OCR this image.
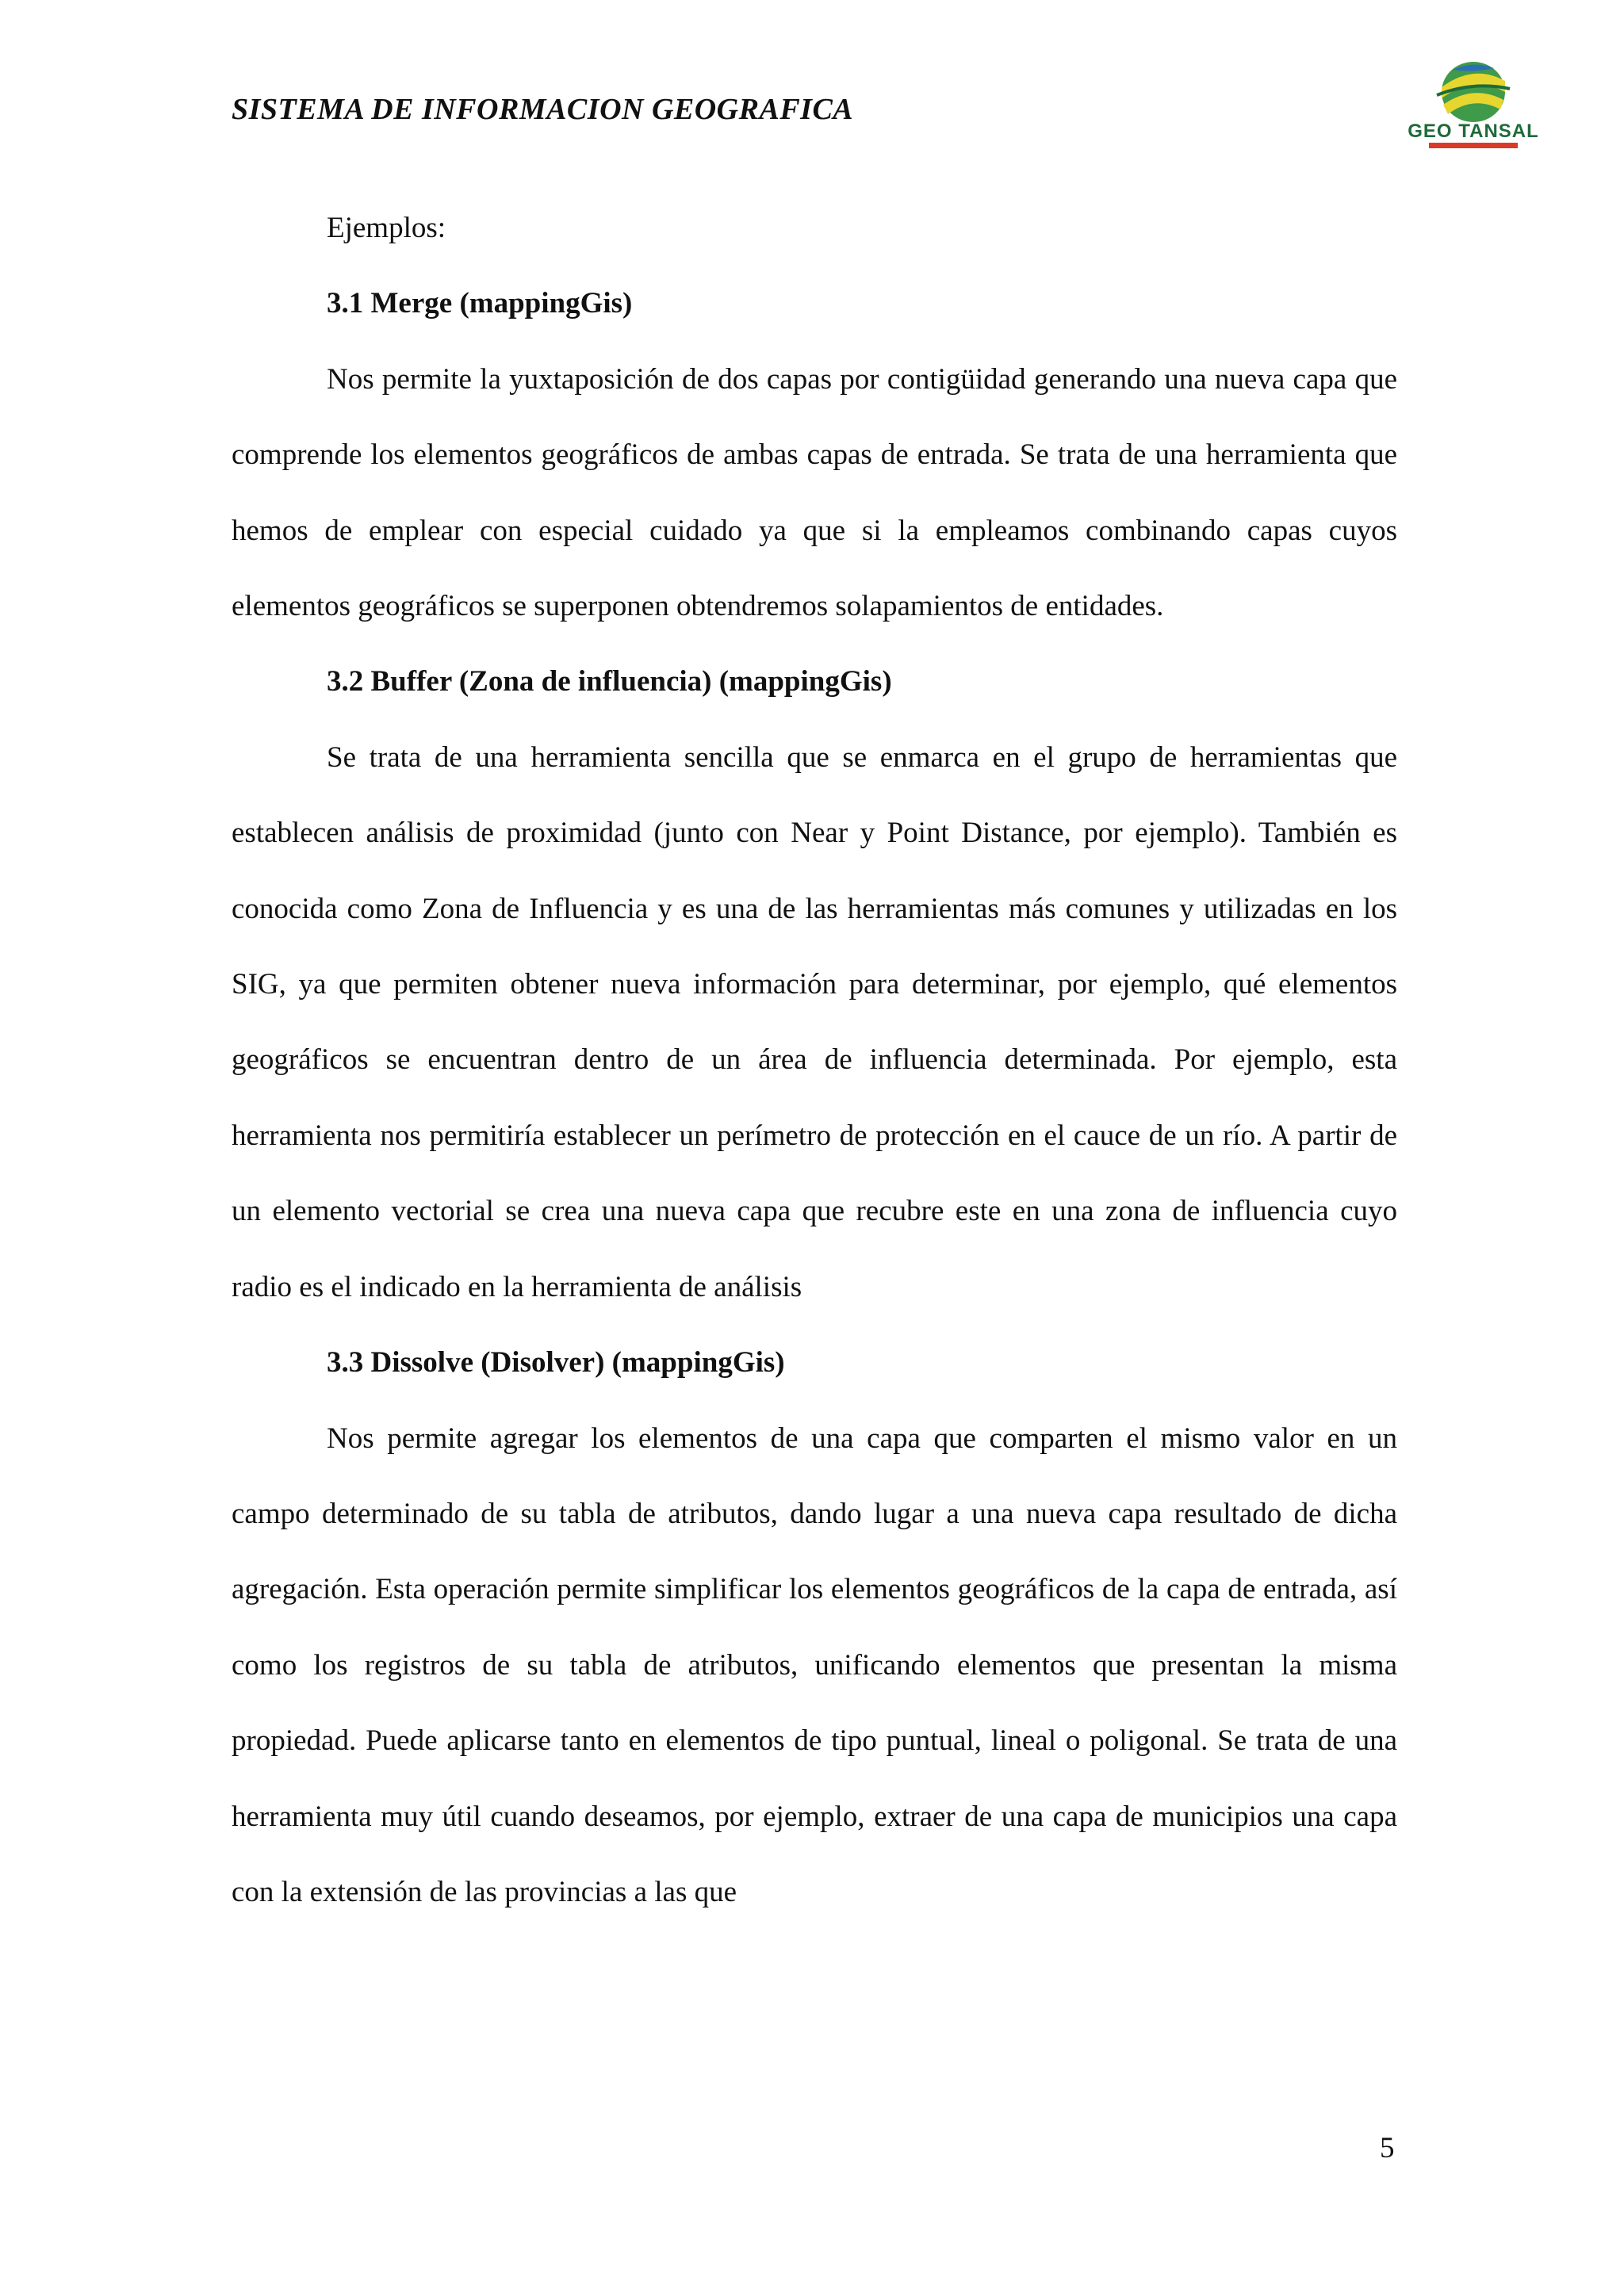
SISTEMA DE INFORMACION GEOGRAFICA
GEO TANSAL

Ejemplos:

3.1 Merge (mappingGis)

Nos permite la yuxtaposición de dos capas por contigüidad generando una nueva capa que comprende los elementos geográficos de ambas capas de entrada. Se trata de una herramienta que hemos de emplear con especial cuidado ya que si la empleamos combinando capas cuyos elementos geográficos se superponen obtendremos solapamientos de entidades.

3.2 Buffer (Zona de influencia) (mappingGis)

Se trata de una herramienta sencilla que se enmarca en el grupo de herramientas que establecen análisis de proximidad (junto con Near y Point Distance, por ejemplo). También es conocida como Zona de Influencia y es una de las herramientas más comunes y utilizadas en los SIG, ya que permiten obtener nueva información para determinar, por ejemplo, qué elementos geográficos se encuentran dentro de un área de influencia determinada. Por ejemplo, esta herramienta nos permitiría establecer un perímetro de protección en el cauce de un río. A partir de un elemento vectorial se crea una nueva capa que recubre este en una zona de influencia cuyo radio es el indicado en la herramienta de análisis

3.3 Dissolve (Disolver) (mappingGis)

Nos permite agregar los elementos de una capa que comparten el mismo valor en un campo determinado de su tabla de atributos, dando lugar a una nueva capa resultado de dicha agregación. Esta operación permite simplificar los elementos geográficos de la capa de entrada, así como los registros de su tabla de atributos, unificando elementos que presentan la misma propiedad. Puede aplicarse tanto en elementos de tipo puntual, lineal o poligonal. Se trata de una herramienta muy útil cuando deseamos, por ejemplo, extraer de una capa de municipios una capa con la extensión de las provincias a las que

5
